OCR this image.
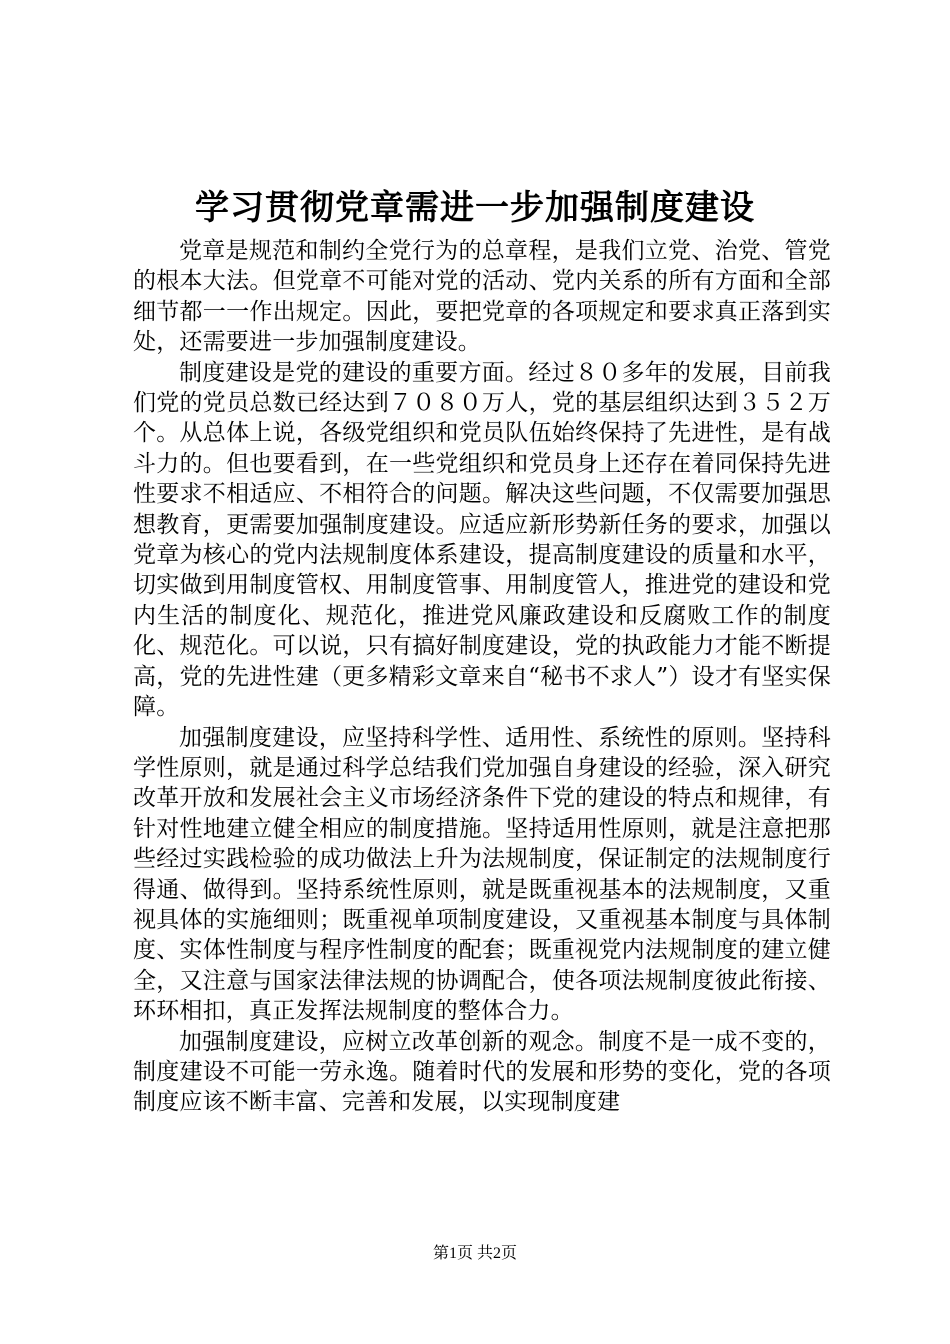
学习贯彻党章需进一步加强制度建设

党章是规范和制约全党行为的总章程，是我们立党、治党、管党的根本大法。但党章不可能对党的活动、党内关系的所有方面和全部细节都一一作出规定。因此，要把党章的各项规定和要求真正落到实处，还需要进一步加强制度建设。

制度建设是党的建设的重要方面。经过８０多年的发展，目前我们党的党员总数已经达到７０８０万人，党的基层组织达到３５２万个。从总体上说，各级党组织和党员队伍始终保持了先进性，是有战斗力的。但也要看到，在一些党组织和党员身上还存在着同保持先进性要求不相适应、不相符合的问题。解决这些问题，不仅需要加强思想教育，更需要加强制度建设。应适应新形势新任务的要求，加强以党章为核心的党内法规制度体系建设，提高制度建设的质量和水平，切实做到用制度管权、用制度管事、用制度管人，推进党的建设和党内生活的制度化、规范化，推进党风廉政建设和反腐败工作的制度化、规范化。可以说，只有搞好制度建设，党的执政能力才能不断提高，党的先进性建（更多精彩文章来自“秘书不求人”）设才有坚实保障。

加强制度建设，应坚持科学性、适用性、系统性的原则。坚持科学性原则，就是通过科学总结我们党加强自身建设的经验，深入研究改革开放和发展社会主义市场经济条件下党的建设的特点和规律，有针对性地建立健全相应的制度措施。坚持适用性原则，就是注意把那些经过实践检验的成功做法上升为法规制度，保证制定的法规制度行得通、做得到。坚持系统性原则，就是既重视基本的法规制度，又重视具体的实施细则；既重视单项制度建设，又重视基本制度与具体制度、实体性制度与程序性制度的配套；既重视党内法规制度的建立健全，又注意与国家法律法规的协调配合，使各项法规制度彼此衔接、环环相扣，真正发挥法规制度的整体合力。

加强制度建设，应树立改革创新的观念。制度不是一成不变的，制度建设不可能一劳永逸。随着时代的发展和形势的变化，党的各项制度应该不断丰富、完善和发展，以实现制度建

第1页 共2页
